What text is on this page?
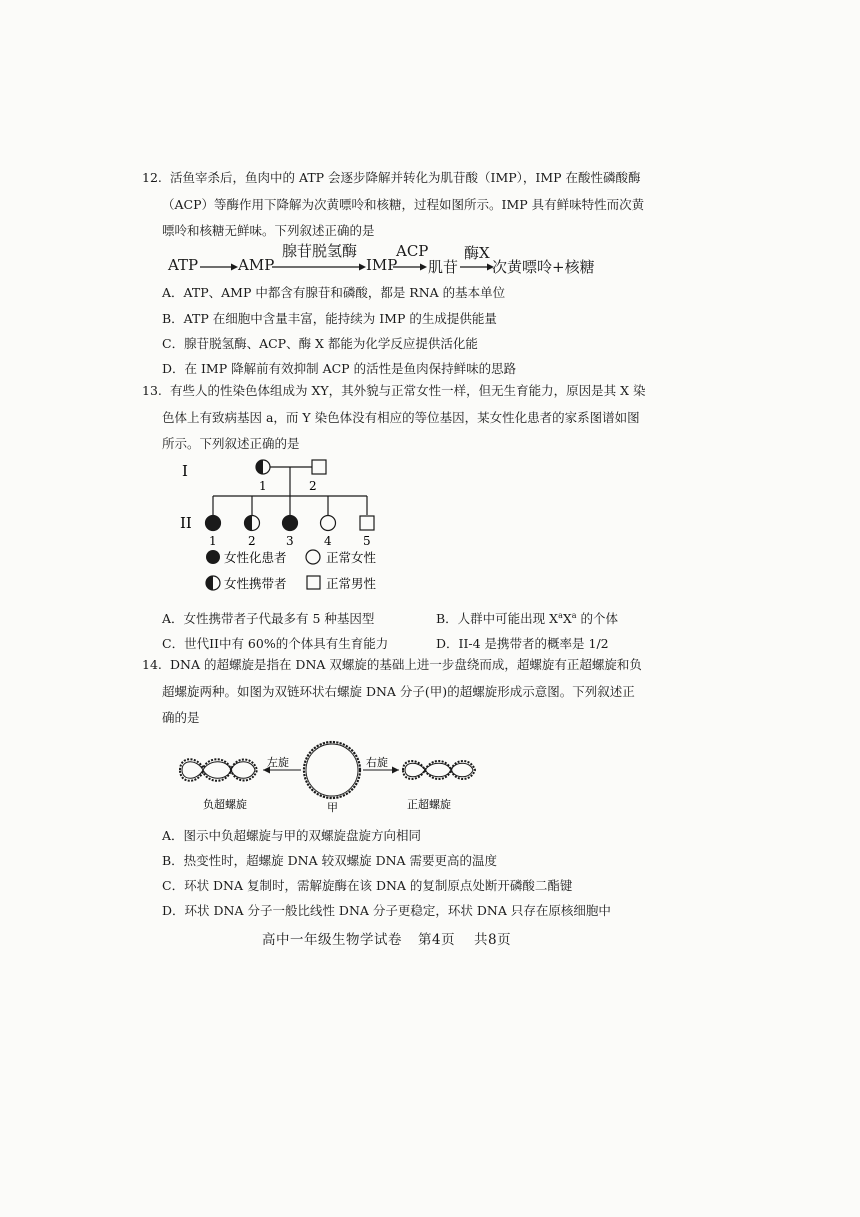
12. 活鱼宰杀后，鱼肉中的 ATP 会逐步降解并转化为肌苷酸（IMP），IMP 在酸性磷酸酶
（ACP）等酶作用下降解为次黄嘌呤和核糖，过程如图所示。IMP 具有鲜味特性而次黄
嘌呤和核糖无鲜味。下列叙述正确的是
ATP	AMP
腺苷脱氢酶
IMP
ACP
肌苷
酶X
次黄嘌呤+核糖
A．ATP、AMP 中都含有腺苷和磷酸，都是 RNA 的基本单位
B．ATP 在细胞中含量丰富，能持续为 IMP 的生成提供能量
C．腺苷脱氢酶、ACP、酶 X 都能为化学反应提供活化能
D．在 IMP 降解前有效抑制 ACP 的活性是鱼肉保持鲜味的思路
13. 有些人的性染色体组成为 XY，其外貌与正常女性一样，但无生育能力，原因是其 X 染
色体上有致病基因 a，而 Y 染色体没有相应的等位基因，某女性化患者的家系图谱如图
所示。下列叙述正确的是
I
II
1	2
1	2	3	4	5
女性化患者	正常女性
女性携带者	正常男性
A．女性携带者子代最多有 5 种基因型	B．人群中可能出现 $X^aX^a$ 的个体
C．世代II中有 60%的个体具有生育能力	D．II-4 是携带者的概率是 1/2
14. DNA 的超螺旋是指在 DNA 双螺旋的基础上进一步盘绕而成，超螺旋有正超螺旋和负
超螺旋两种。如图为双链环状右螺旋 DNA 分子(甲)的超螺旋形成示意图。下列叙述正
确的是
左旋	右旋
负超螺旋	甲	正超螺旋
A．图示中负超螺旋与甲的双螺旋盘旋方向相同
B．热变性时，超螺旋 DNA 较双螺旋 DNA 需要更高的温度
C．环状 DNA 复制时，需解旋酶在该 DNA 的复制原点处断开磷酸二酯键
D．环状 DNA 分子一般比线性 DNA 分子更稳定，环状 DNA 只存在原核细胞中
高中一年级生物学试卷 第4页 共8页
